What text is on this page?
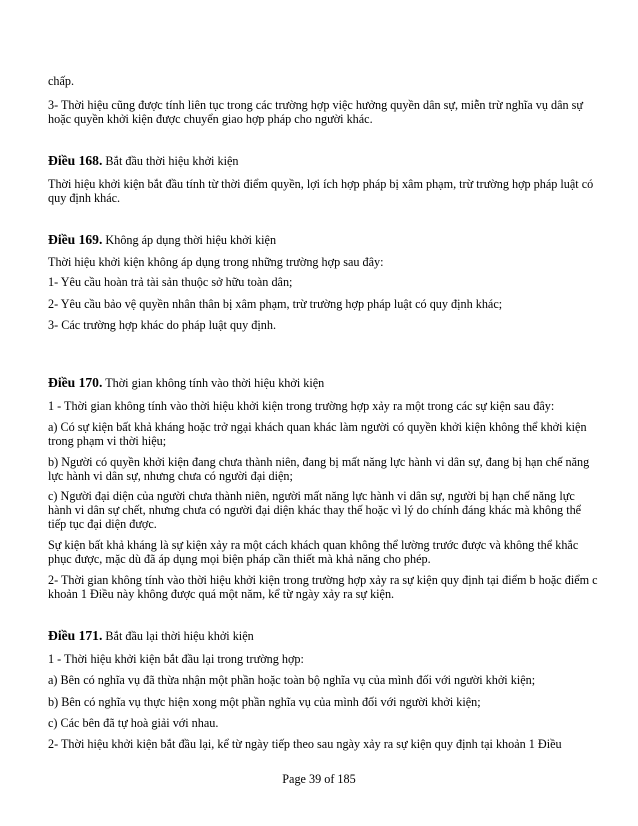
chấp.

3- Thời hiệu cũng được tính liên tục trong các trường hợp việc hưởng quyền dân sự, miễn trừ nghĩa vụ dân sự hoặc quyền khởi kiện được chuyển giao hợp pháp cho người khác.

Điều 168. Bắt đầu thời hiệu khởi kiện

Thời hiệu khởi kiện bắt đầu tính từ thời điểm quyền, lợi ích hợp pháp bị xâm phạm, trừ trường hợp pháp luật có quy định khác.

Điều 169. Không áp dụng thời hiệu khởi kiện

Thời hiệu khởi kiện không áp dụng trong những trường hợp sau đây:

1- Yêu cầu hoàn trả tài sản thuộc sở hữu toàn dân;

2- Yêu cầu bảo vệ quyền nhân thân bị xâm phạm, trừ trường hợp pháp luật có quy định khác;

3- Các trường hợp khác do pháp luật quy định.

Điều 170. Thời gian không tính vào thời hiệu khởi kiện

1 - Thời gian không tính vào thời hiệu khởi kiện trong trường hợp xảy ra một trong các sự kiện sau đây:

a) Có sự kiện bất khả kháng hoặc trở ngại khách quan khác làm người có quyền khởi kiện không thể khởi kiện trong phạm vi thời hiệu;

b) Người có quyền khởi kiện đang chưa thành niên, đang bị mất năng lực hành vi dân sự, đang bị hạn chế năng lực hành vi dân sự, nhưng chưa có người đại diện;

c) Người đại diện của người chưa thành niên, người mất năng lực hành vi dân sự, người bị hạn chế năng lực hành vi dân sự chết, nhưng chưa có người đại diện khác thay thế hoặc vì lý do chính đáng khác mà không thể tiếp tục đại diện được.

Sự kiện bất khả kháng là sự kiện xảy ra một cách khách quan không thể lường trước được và không thể khắc phục được, mặc dù đã áp dụng mọi biện pháp cần thiết mà khả năng cho phép.

2- Thời gian không tính vào thời hiệu khởi kiện trong trường hợp xảy ra sự kiện quy định tại điểm b hoặc điểm c khoản 1 Điều này không được quá một năm, kể từ ngày xảy ra sự kiện.

Điều 171. Bắt đầu lại thời hiệu khởi kiện

1 - Thời hiệu khởi kiện bắt đầu lại trong trường hợp:

a) Bên có nghĩa vụ đã thừa nhận một phần hoặc toàn bộ nghĩa vụ của mình đối với người khởi kiện;

b) Bên có nghĩa vụ thực hiện xong một phần nghĩa vụ của mình đối với người khởi kiện;

c) Các bên đã tự hoà giải với nhau.

2- Thời hiệu khởi kiện bắt đầu lại, kể từ ngày tiếp theo sau ngày xảy ra sự kiện quy định tại khoản 1 Điều

Page 39 of 185
